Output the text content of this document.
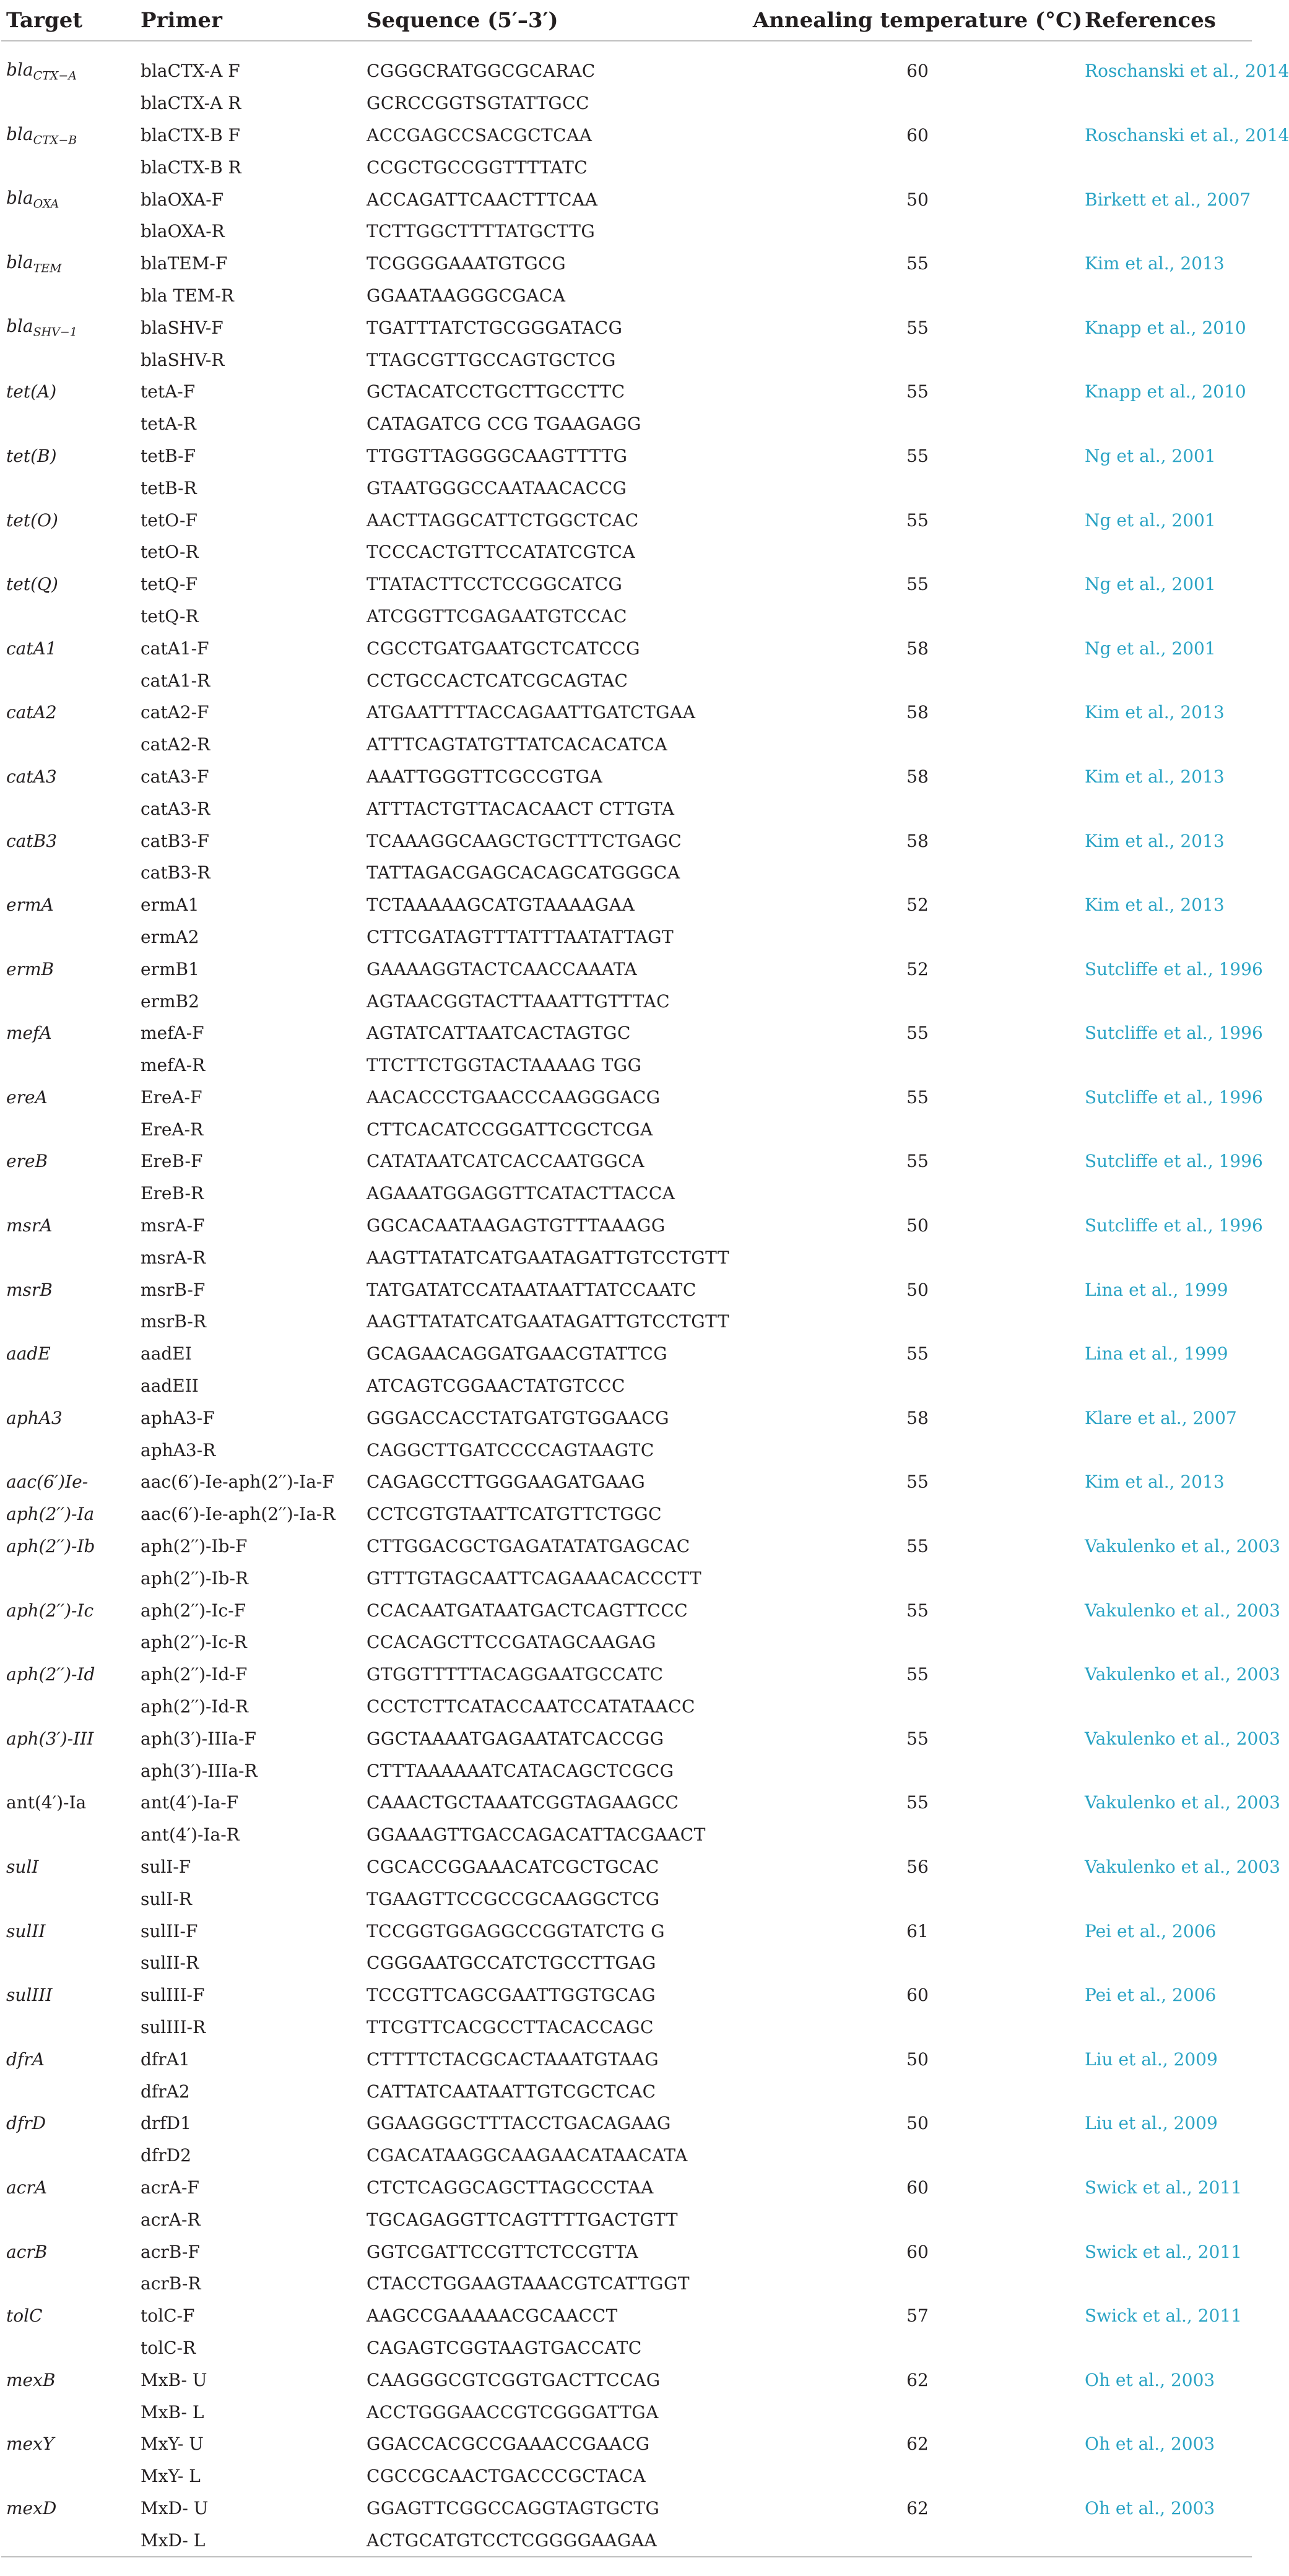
Target	Primer	Sequence (5′–3′)	Annealing temperature (°C)	References

bla$_{CTX-A}$	blaCTX-A F	CGGGCRATGGCGCARAC	60	Roschanski et al., 2014
	blaCTX-A R	GCRCCGGTSGTATTGCC		
bla$_{CTX-B}$	blaCTX-B F	ACCGAGCCSACGCTCAA	60	Roschanski et al., 2014
	blaCTX-B R	CCGCTGCCGGTTTTATC		
bla$_{OXA}$	blaOXA-F	ACCAGATTCAACTTTCAA	50	Birkett et al., 2007
	blaOXA-R	TCTTGGCTTTTATGCTTG		
bla$_{TEM}$	blaTEM-F	TCGGGGAAATGTGCG	55	Kim et al., 2013
	bla TEM-R	GGAATAAGGGCGACA		
bla$_{SHV-1}$	blaSHV-F	TGATTTATCTGCGGGATACG	55	Knapp et al., 2010
	blaSHV-R	TTAGCGTTGCCAGTGCTCG		
tet(A)	tetA-F	GCTACATCCTGCTTGCCTTC	55	Knapp et al., 2010
	tetA-R	CATAGATCG CCG TGAAGAGG		
tet(B)	tetB-F	TTGGTTAGGGGCAAGTTTTG	55	Ng et al., 2001
	tetB-R	GTAATGGGCCAATAACACCG		
tet(O)	tetO-F	AACTTAGGCATTCTGGCTCAC	55	Ng et al., 2001
	tetO-R	TCCCACTGTTCCATATCGTCA		
tet(Q)	tetQ-F	TTATACTTCCTCCGGCATCG	55	Ng et al., 2001
	tetQ-R	ATCGGTTCGAGAATGTCCAC		
catA1	catA1-F	CGCCTGATGAATGCTCATCCG	58	Ng et al., 2001
	catA1-R	CCTGCCACTCATCGCAGTAC		
catA2	catA2-F	ATGAATTTTACCAGAATTGATCTGAA	58	Kim et al., 2013
	catA2-R	ATTTCAGTATGTTATCACACATCA		
catA3	catA3-F	AAATTGGGTTCGCCGTGA	58	Kim et al., 2013
	catA3-R	ATTTACTGTTACACAACT CTTGTA		
catB3	catB3-F	TCAAAGGCAAGCTGCTTTCTGAGC	58	Kim et al., 2013
	catB3-R	TATTAGACGAGCACAGCATGGGCA		
ermA	ermA1	TCTAAAAAGCATGTAAAAGAA	52	Kim et al., 2013
	ermA2	CTTCGATAGTTTATTTAATATTAGT		
ermB	ermB1	GAAAAGGTACTCAACCAAATA	52	Sutcliffe et al., 1996
	ermB2	AGTAACGGTACTTAAATTGTTTAC		
mefA	mefA-F	AGTATCATTAATCACTAGTGC	55	Sutcliffe et al., 1996
	mefA-R	TTCTTCTGGTACTAAAAG TGG		
ereA	EreA-F	AACACCCTGAACCCAAGGGACG	55	Sutcliffe et al., 1996
	EreA-R	CTTCACATCCGGATTCGCTCGA		
ereB	EreB-F	CATATAATCATCACCAATGGCA	55	Sutcliffe et al., 1996
	EreB-R	AGAAATGGAGGTTCATACTTACCA		
msrA	msrA-F	GGCACAATAAGAGTGTTTAAAGG	50	Sutcliffe et al., 1996
	msrA-R	AAGTTATATCATGAATAGATTGTCCTGTT		
msrB	msrB-F	TATGATATCCATAATAATTATCCAATC	50	Lina et al., 1999
	msrB-R	AAGTTATATCATGAATAGATTGTCCTGTT		
aadE	aadEI	GCAGAACAGGATGAACGTATTCG	55	Lina et al., 1999
	aadEII	ATCAGTCGGAACTATGTCCC		
aphA3	aphA3-F	GGGACCACCTATGATGTGGAACG	58	Klare et al., 2007
	aphA3-R	CAGGCTTGATCCCCAGTAAGTC		
aac(6′)Ie-	aac(6′)-Ie-aph(2′′)-Ia-F	CAGAGCCTTGGGAAGATGAAG	55	Kim et al., 2013
aph(2′′)-Ia	aac(6′)-Ie-aph(2′′)-Ia-R	CCTCGTGTAATTCATGTTCTGGC		
aph(2′′)-Ib	aph(2′′)-Ib-F	CTTGGACGCTGAGATATATGAGCAC	55	Vakulenko et al., 2003
	aph(2′′)-Ib-R	GTTTGTAGCAATTCAGAAACACCCTT		
aph(2′′)-Ic	aph(2′′)-Ic-F	CCACAATGATAATGACTCAGTTCCC	55	Vakulenko et al., 2003
	aph(2′′)-Ic-R	CCACAGCTTCCGATAGCAAGAG		
aph(2′′)-Id	aph(2′′)-Id-F	GTGGTTTTTACAGGAATGCCATC	55	Vakulenko et al., 2003
	aph(2′′)-Id-R	CCCTCTTCATACCAATCCATATAACC		
aph(3′)-III	aph(3′)-IIIa-F	GGCTAAAATGAGAATATCACCGG	55	Vakulenko et al., 2003
	aph(3′)-IIIa-R	CTTTAAAAAATCATACAGCTCGCG		
ant(4′)-Ia	ant(4′)-Ia-F	CAAACTGCTAAATCGGTAGAAGCC	55	Vakulenko et al., 2003
	ant(4′)-Ia-R	GGAAAGTTGACCAGACATTACGAACT		
sulI	sulI-F	CGCACCGGAAACATCGCTGCAC	56	Vakulenko et al., 2003
	sulI-R	TGAAGTTCCGCCGCAAGGCTCG		
sulII	sulII-F	TCCGGTGGAGGCCGGTATCTG G	61	Pei et al., 2006
	sulII-R	CGGGAATGCCATCTGCCTTGAG		
sulIII	sulIII-F	TCCGTTCAGCGAATTGGTGCAG	60	Pei et al., 2006
	sulIII-R	TTCGTTCACGCCTTACACCAGC		
dfrA	dfrA1	CTTTTCTACGCACTAAATGTAAG	50	Liu et al., 2009
	dfrA2	CATTATCAATAATTGTCGCTCAC		
dfrD	drfD1	GGAAGGGCTTTACCTGACAGAAG	50	Liu et al., 2009
	dfrD2	CGACATAAGGCAAGAACATAACATA		
acrA	acrA-F	CTCTCAGGCAGCTTAGCCCTAA	60	Swick et al., 2011
	acrA-R	TGCAGAGGTTCAGTTTTGACTGTT		
acrB	acrB-F	GGTCGATTCCGTTCTCCGTTA	60	Swick et al., 2011
	acrB-R	CTACCTGGAAGTAAACGTCATTGGT		
tolC	tolC-F	AAGCCGAAAAACGCAACCT	57	Swick et al., 2011
	tolC-R	CAGAGTCGGTAAGTGACCATC		
mexB	MxB- U	CAAGGGCGTCGGTGACTTCCAG	62	Oh et al., 2003
	MxB- L	ACCTGGGAACCGTCGGGATTGA		
mexY	MxY- U	GGACCACGCCGAAACCGAACG	62	Oh et al., 2003
	MxY- L	CGCCGCAACTGACCCGCTACA		
mexD	MxD- U	GGAGTTCGGCCAGGTAGTGCTG	62	Oh et al., 2003
	MxD- L	ACTGCATGTCCTCGGGGAAGAA		
